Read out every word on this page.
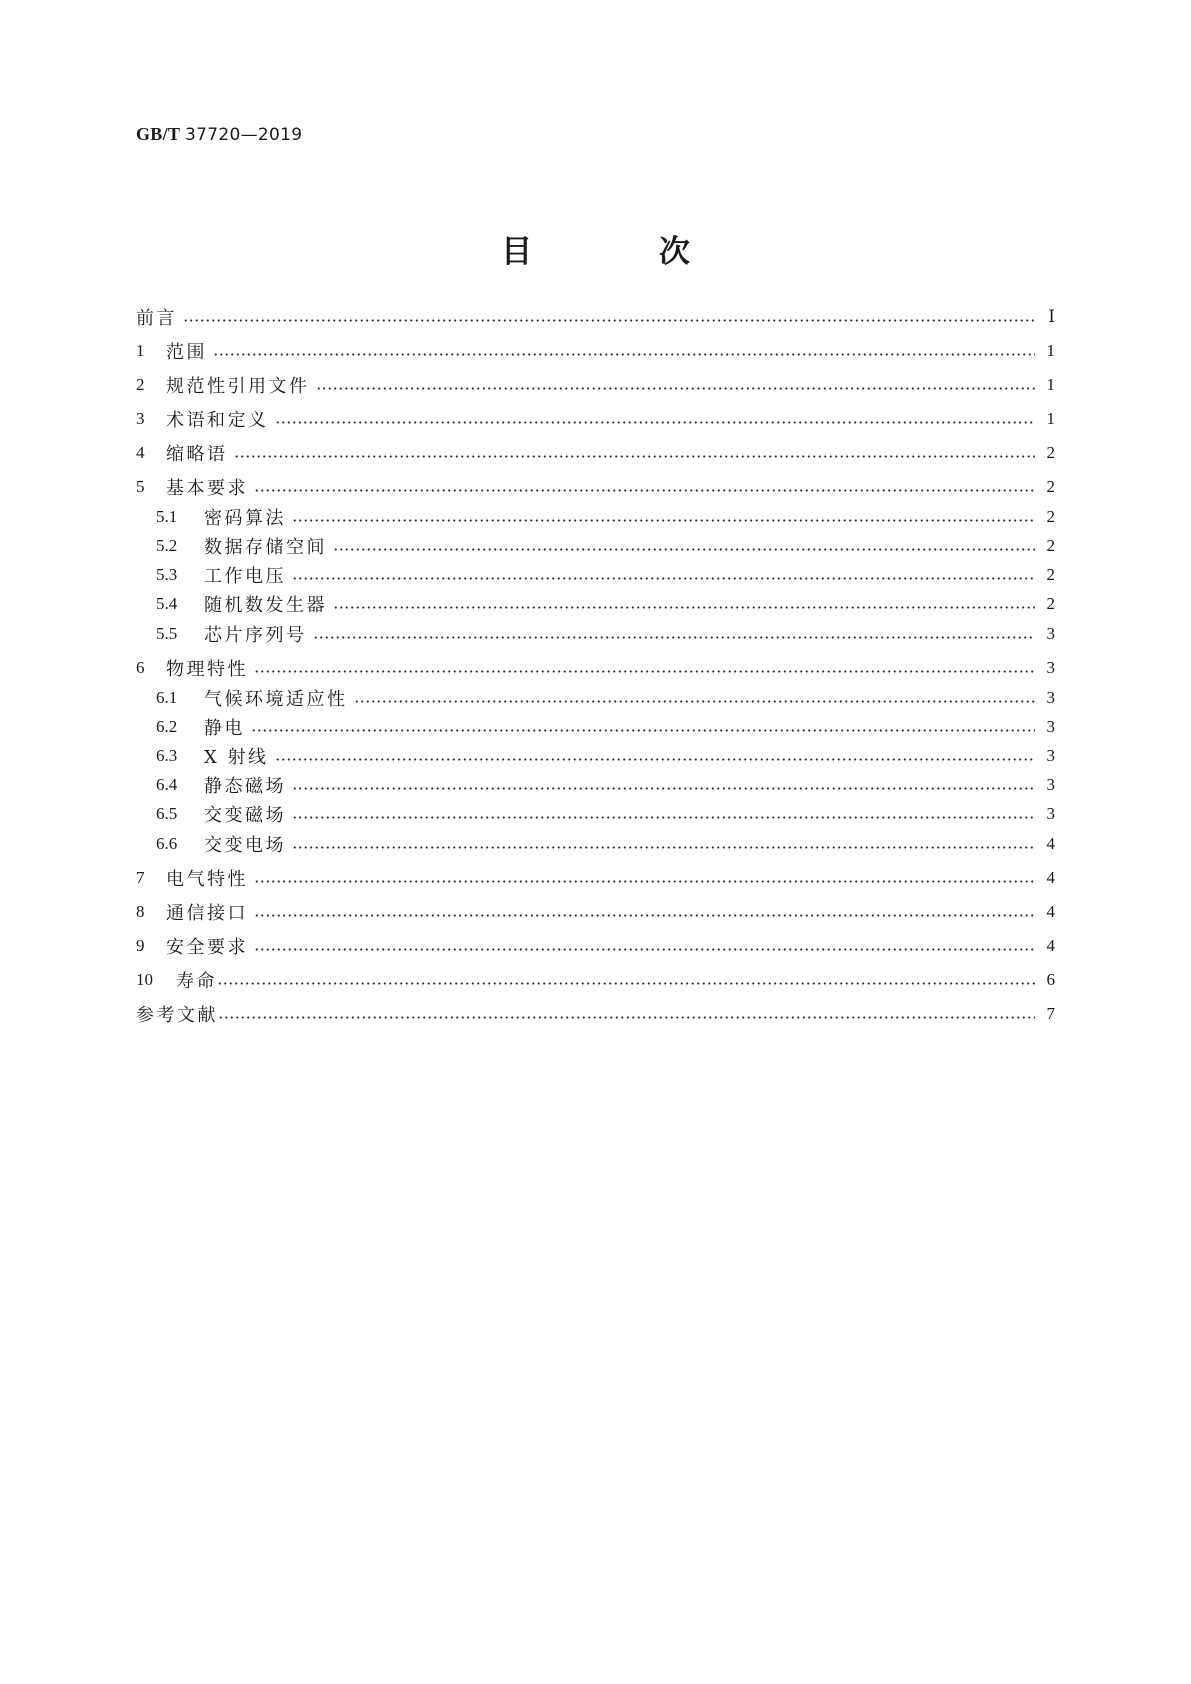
GB/T 37720—2019
目 次
前言	Ⅰ
1	范围	1
2	规范性引用文件	1
3	术语和定义	1
4	缩略语	2
5	基本要求	2
5.1	密码算法	2
5.2	数据存储空间	2
5.3	工作电压	2
5.4	随机数发生器	2
5.5	芯片序列号	3
6	物理特性	3
6.1	气候环境适应性	3
6.2	静电	3
6.3	X 射线	3
6.4	静态磁场	3
6.5	交变磁场	3
6.6	交变电场	4
7	电气特性	4
8	通信接口	4
9	安全要求	4
10	寿命	6
参考文献	7
